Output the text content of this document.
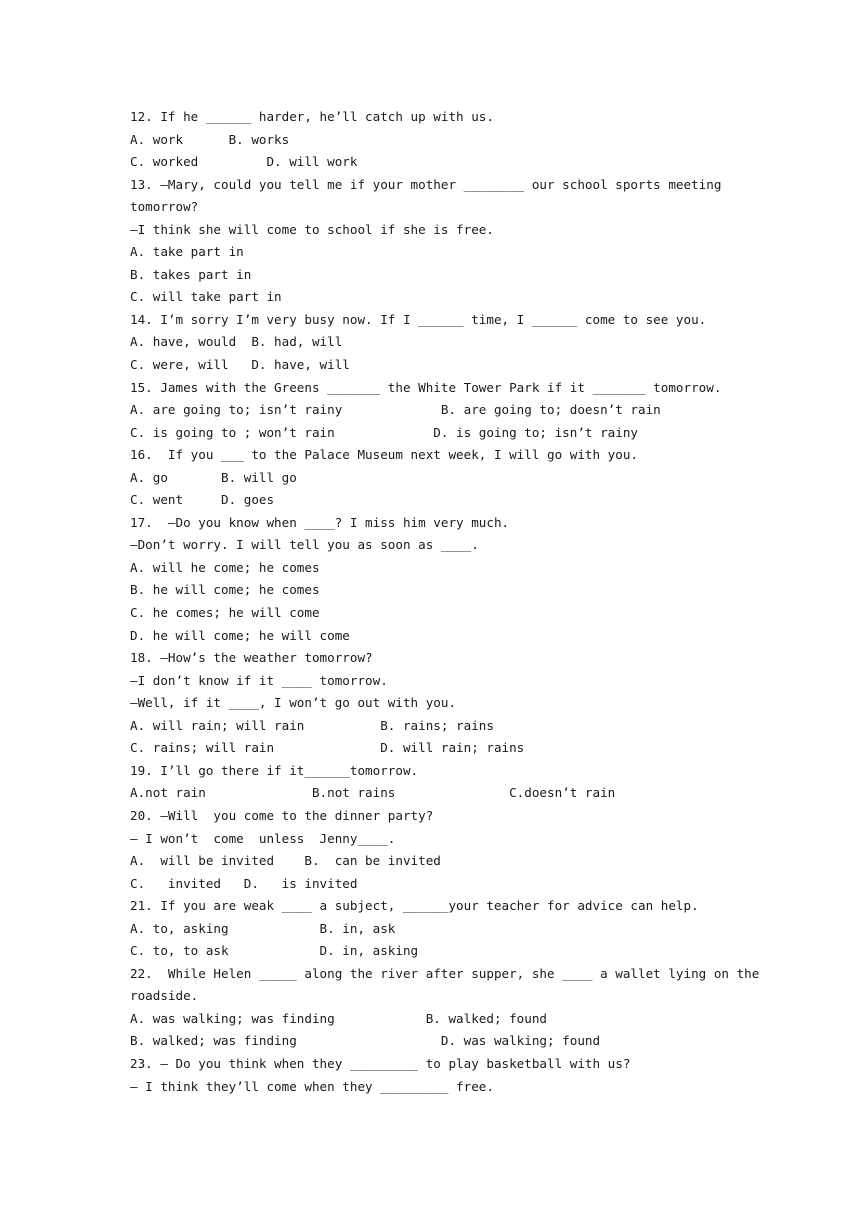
12. If he ______ harder, he’ll catch up with us.
A. work      B. works
C. worked         D. will work
13. —Mary, could you tell me if your mother ________ our school sports meeting
tomorrow?
—I think she will come to school if she is free.
A. take part in
B. takes part in
C. will take part in
14. I’m sorry I’m very busy now. If I ______ time, I ______ come to see you.
A. have, would  B. had, will
C. were, will   D. have, will
15. James with the Greens _______ the White Tower Park if it _______ tomorrow.
A. are going to; isn’t rainy             B. are going to; doesn’t rain
C. is going to ; won’t rain             D. is going to; isn’t rainy
16.  If you ___ to the Palace Museum next week, I will go with you.
A. go       B. will go
C. went     D. goes
17.  —Do you know when ____? I miss him very much.
—Don’t worry. I will tell you as soon as ____.
A. will he come; he comes
B. he will come; he comes
C. he comes; he will come
D. he will come; he will come
18. —How’s the weather tomorrow?
—I don’t know if it ____ tomorrow.
—Well, if it ____, I won’t go out with you.
A. will rain; will rain          B. rains; rains
C. rains; will rain              D. will rain; rains
19. I’ll go there if it______tomorrow.
A.not rain              B.not rains               C.doesn’t rain
20. —Will  you come to the dinner party?
— I won’t  come  unless  Jenny____.
A.  will be invited    B.  can be invited
C.   invited   D.   is invited
21. If you are weak ____ a subject, ______your teacher for advice can help.
A. to, asking            B. in, ask
C. to, to ask            D. in, asking
22.  While Helen _____ along the river after supper, she ____ a wallet lying on the
roadside.
A. was walking; was finding            B. walked; found
B. walked; was finding                   D. was walking; found
23. — Do you think when they _________ to play basketball with us?
— I think they’ll come when they _________ free.
